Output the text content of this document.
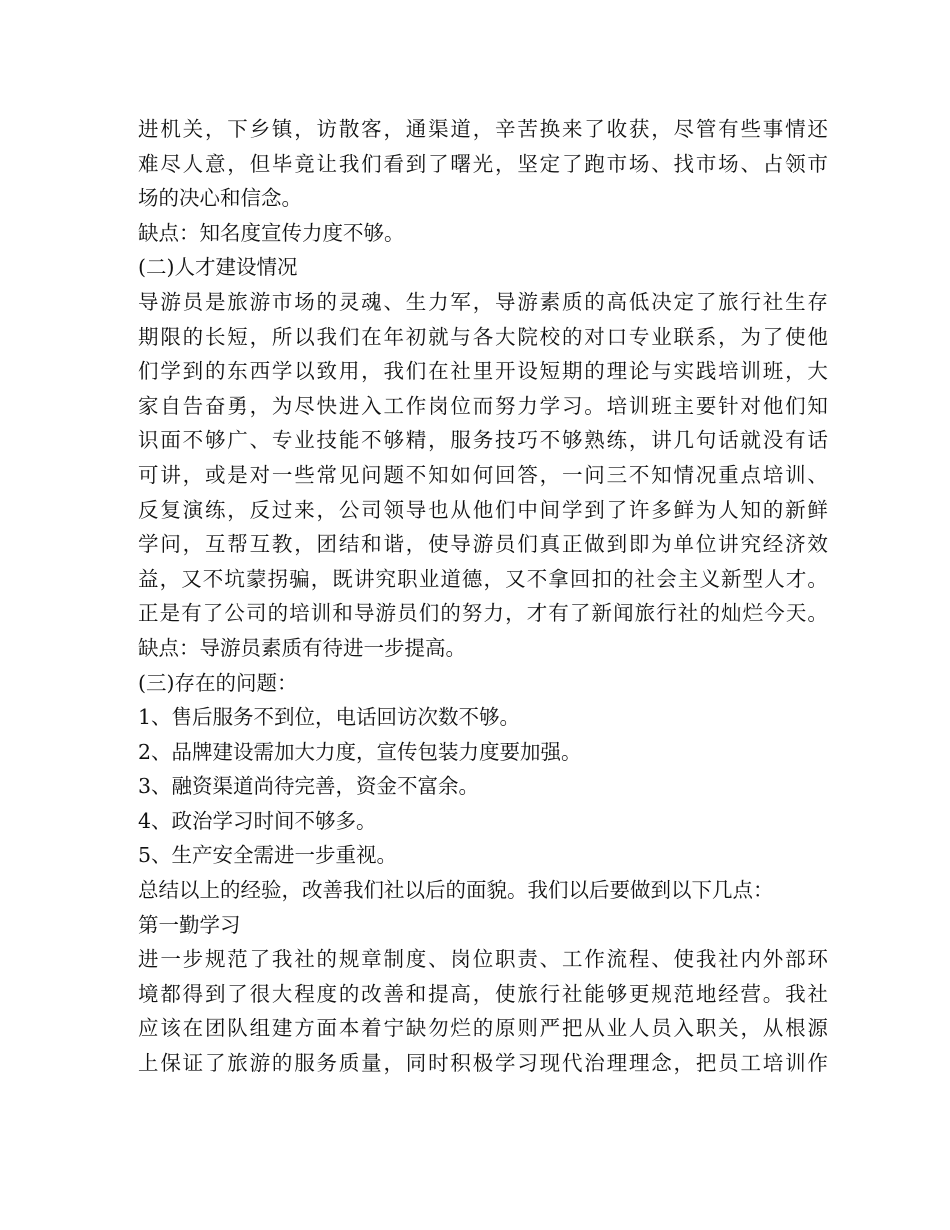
进 机 关 ， 下 乡 镇 ， 访 散 客 ， 通 渠 道 ， 辛 苦 换 来 了 收 获 ， 尽 管 有 些 事 情 还

难 尽 人 意 ， 但 毕 竟 让 我 们 看 到 了 曙 光 ， 坚 定 了 跑 市 场 、 找 市 场 、 占 领 市

场的决心和信念。

缺点：知名度宣传力度不够。

(二)人才建设情况

导 游 员 是 旅 游 市 场 的 灵 魂 、 生 力 军 ， 导 游 素 质 的 高 低 决 定 了 旅 行 社 生 存

期 限 的 长 短 ， 所 以 我 们 在 年 初 就 与 各 大 院 校 的 对 口 专 业 联 系 ， 为 了 使 他

们 学 到 的 东 西 学 以 致 用 ， 我 们 在 社 里 开 设 短 期 的 理 论 与 实 践 培 训 班 ， 大

家 自 告 奋 勇 ， 为 尽 快 进 入 工 作 岗 位 而 努 力 学 习 。 培 训 班 主 要 针 对 他 们 知

识 面 不 够 广 、 专 业 技 能 不 够 精 ， 服 务 技 巧 不 够 熟 练 ， 讲 几 句 话 就 没 有 话

可 讲 ， 或 是 对 一 些 常 见 问 题 不 知 如 何 回 答 ， 一 问 三 不 知 情 况 重 点 培 训 、

反 复 演 练 ， 反 过 来 ， 公 司 领 导 也 从 他 们 中 间 学 到 了 许 多 鲜 为 人 知 的 新 鲜

学 问 ， 互 帮 互 教 ， 团 结 和 谐 ， 使 导 游 员 们 真 正 做 到 即 为 单 位 讲 究 经 济 效

益 ， 又 不 坑 蒙 拐 骗 ， 既 讲 究 职 业 道 德 ， 又 不 拿 回 扣 的 社 会 主 义 新 型 人 才 。

正 是 有 了 公 司 的 培 训 和 导 游 员 们 的 努 力 ， 才 有 了 新 闻 旅 行 社 的 灿 烂 今 天 。

缺点：导游员素质有待进一步提高。

(三)存在的问题：

1、售后服务不到位，电话回访次数不够。

2、品牌建设需加大力度，宣传包装力度要加强。

3、融资渠道尚待完善，资金不富余。

4、政治学习时间不够多。

5、生产安全需进一步重视。

总结以上的经验，改善我们社以后的面貌。我们以后要做到以下几点：

第一勤学习

进 一 步 规 范 了 我 社 的 规 章 制 度 、 岗 位 职 责 、 工 作 流 程 、 使 我 社 内 外 部 环

境 都 得 到 了 很 大 程 度 的 改 善 和 提 高 ， 使 旅 行 社 能 够 更 规 范 地 经 营 。 我 社

应 该 在 团 队 组 建 方 面 本 着 宁 缺 勿 烂 的 原 则 严 把 从 业 人 员 入 职 关 ， 从 根 源

上 保 证 了 旅 游 的 服 务 质 量 ， 同 时 积 极 学 习 现 代 治 理 理 念 ， 把 员 工 培 训 作
